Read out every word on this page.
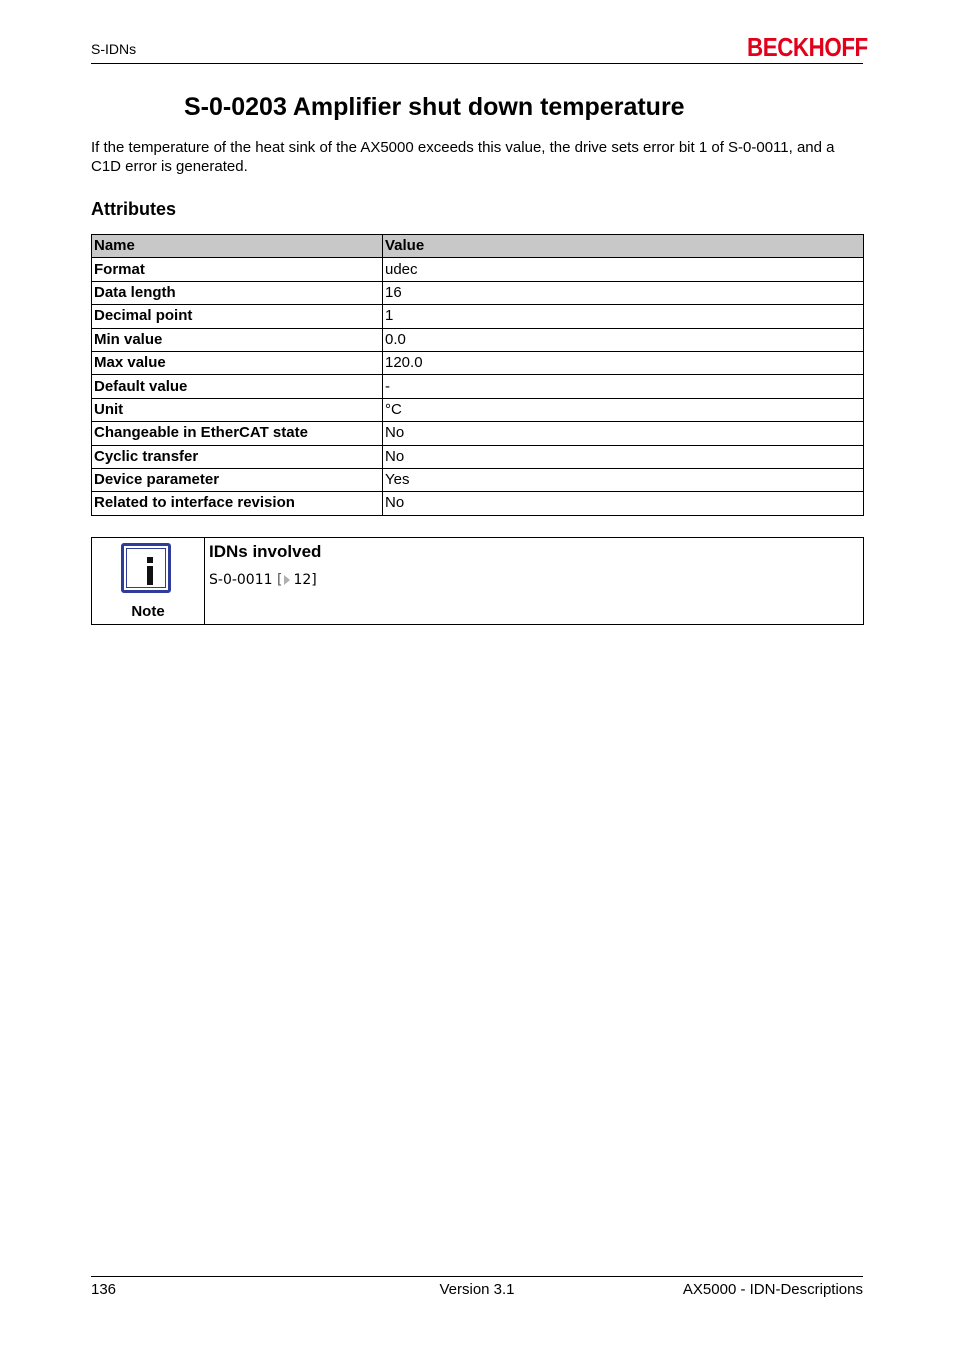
S-IDNs	BECKHOFF
S-0-0203 Amplifier shut down temperature

If the temperature of the heat sink of the AX5000 exceeds this value, the drive sets error bit 1 of S-0-0011, and a C1D error is generated.

Attributes
Name	Value
Format	udec
Data length	16
Decimal point	1
Min value	0.0
Max value	120.0
Default value	-
Unit	°C
Changeable in EtherCAT state	No
Cyclic transfer	No
Device parameter	Yes
Related to interface revision	No
Note
IDNs involved
S-0-0011 [ 12]
136	Version 3.1	AX5000 - IDN-Descriptions
